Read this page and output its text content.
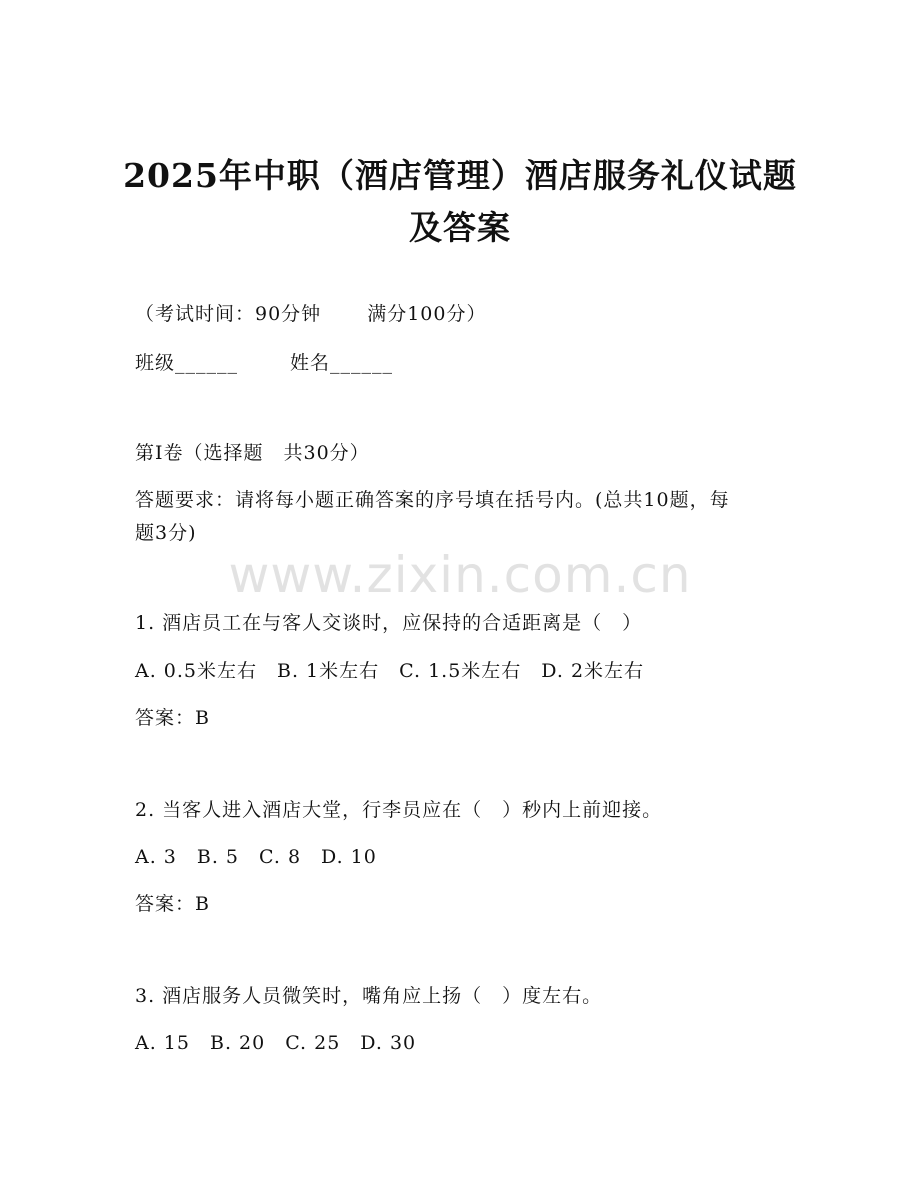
2025年中职（酒店管理）酒店服务礼仪试题
及答案
（考试时间：90分钟 满分100分）
班级______	姓名______
第I卷（选择题　共30分）
答题要求：请将每小题正确答案的序号填在括号内。(总共10题，每
题3分)
www.zixin.com.cn
1. 酒店员工在与客人交谈时，应保持的合适距离是（　）
A. 0.5米左右　B. 1米左右　C. 1.5米左右　D. 2米左右
答案：B
2. 当客人进入酒店大堂，行李员应在（　）秒内上前迎接。
A. 3　B. 5　C. 8　D. 10
答案：B
3. 酒店服务人员微笑时，嘴角应上扬（　）度左右。
A. 15　B. 20　C. 25　D. 30
